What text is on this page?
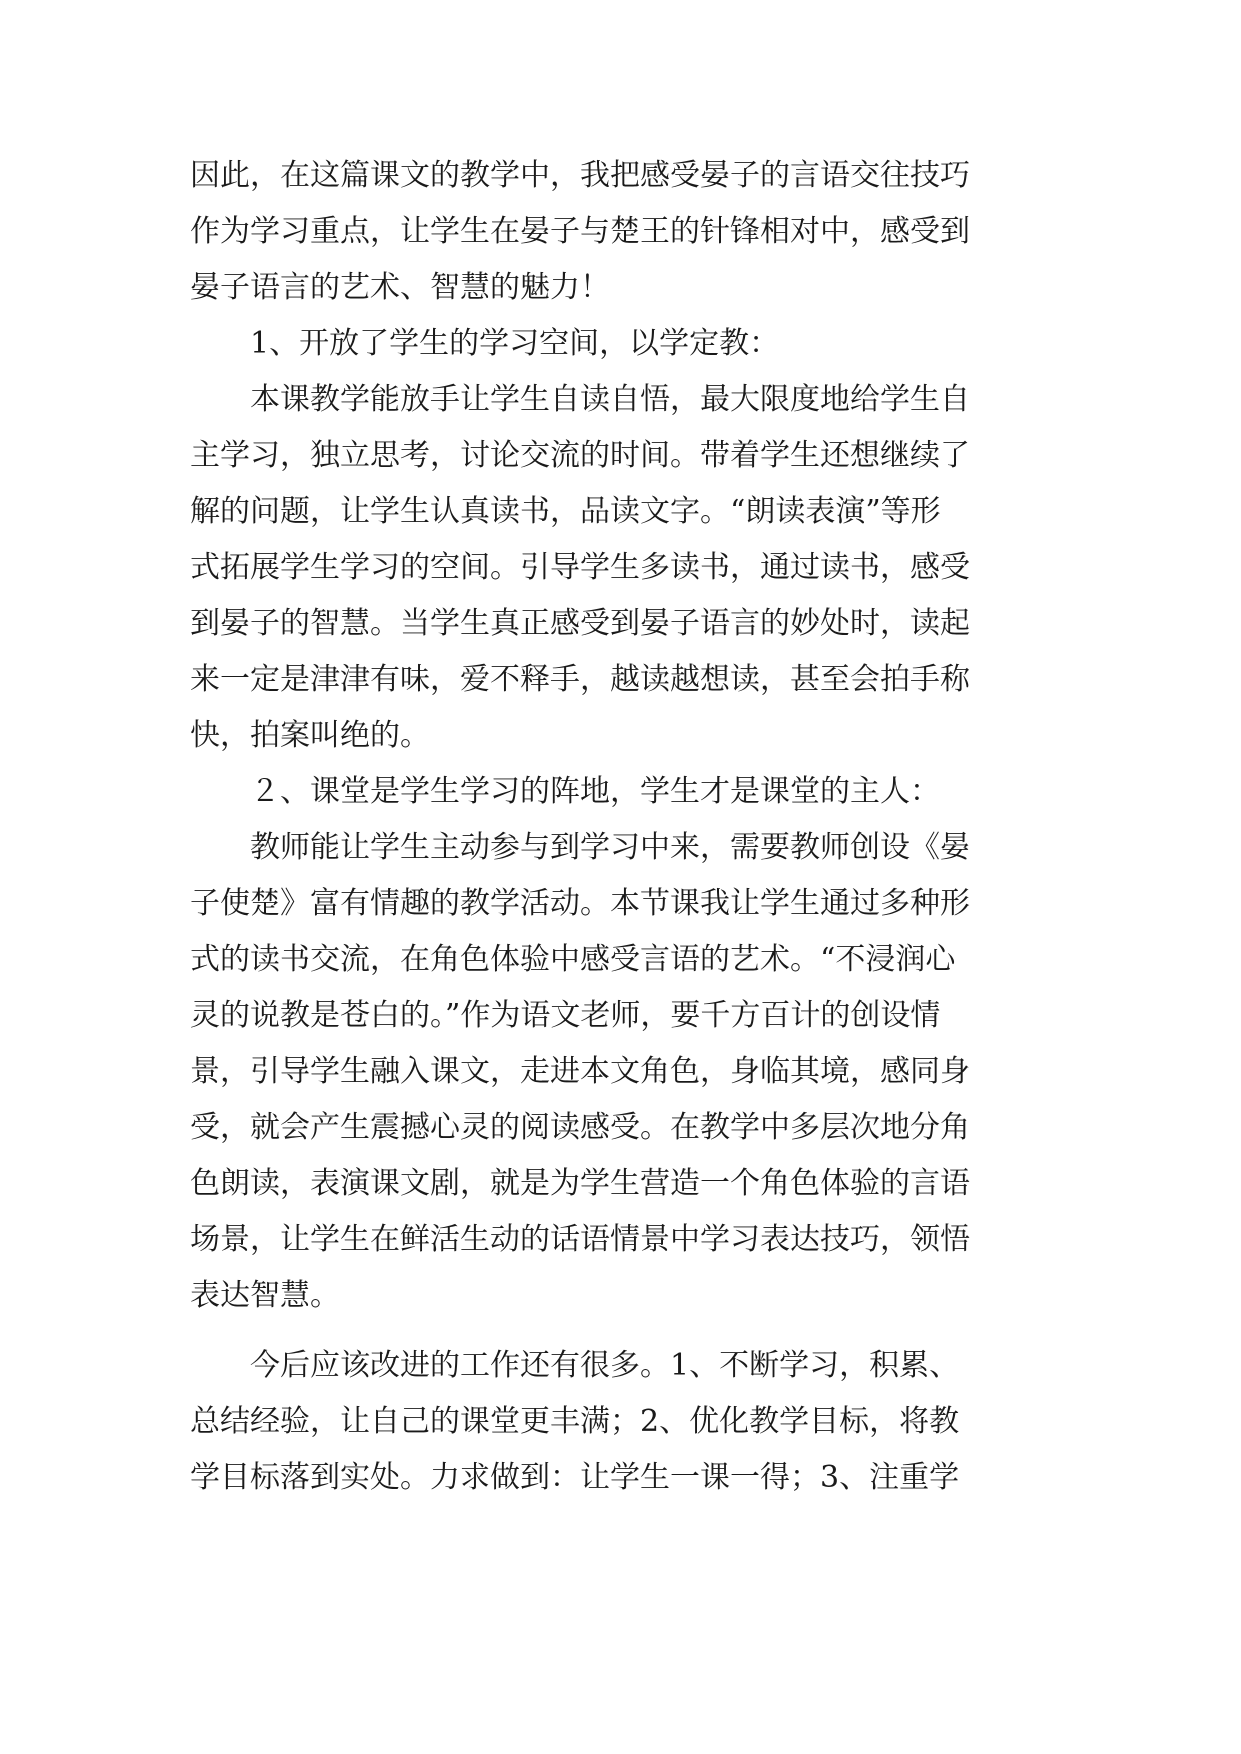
因此，在这篇课文的教学中，我把感受晏子的言语交往技巧
作为学习重点，让学生在晏子与楚王的针锋相对中，感受到
晏子语言的艺术、智慧的魅力！
1、开放了学生的学习空间，以学定教：
本课教学能放手让学生自读自悟，最大限度地给学生自
主学习，独立思考，讨论交流的时间。带着学生还想继续了
解的问题，让学生认真读书，品读文字。“朗读表演”等形
式拓展学生学习的空间。引导学生多读书，通过读书，感受
到晏子的智慧。当学生真正感受到晏子语言的妙处时，读起
来一定是津津有味，爱不释手，越读越想读，甚至会拍手称
快，拍案叫绝的。
２、课堂是学生学习的阵地，学生才是课堂的主人：
教师能让学生主动参与到学习中来，需要教师创设《晏
子使楚》富有情趣的教学活动。本节课我让学生通过多种形
式的读书交流，在角色体验中感受言语的艺术。“不浸润心
灵的说教是苍白的。”作为语文老师，要千方百计的创设情
景，引导学生融入课文，走进本文角色，身临其境，感同身
受，就会产生震撼心灵的阅读感受。在教学中多层次地分角
色朗读，表演课文剧，就是为学生营造一个角色体验的言语
场景，让学生在鲜活生动的话语情景中学习表达技巧，领悟
表达智慧。
今后应该改进的工作还有很多。1、不断学习，积累、
总结经验，让自己的课堂更丰满；2、优化教学目标，将教
学目标落到实处。力求做到：让学生一课一得；3、注重学
